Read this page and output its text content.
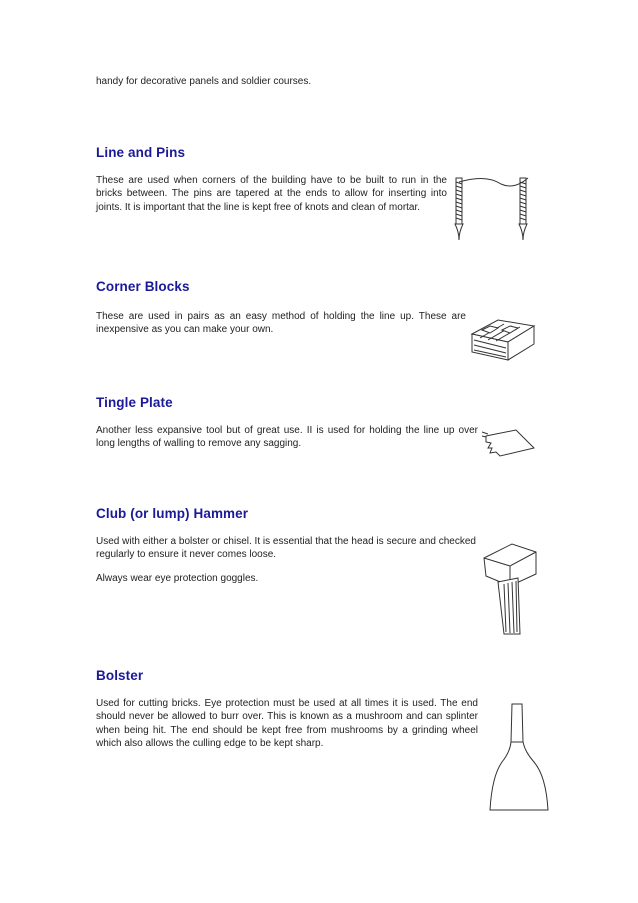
handy for decorative panels and soldier courses.

Line and Pins

These are used when corners of the building have to be built to run in the bricks between. The pins are tapered at the ends to allow for inserting into joints. It is important that the line is kept free of knots and clean of mortar.

Corner Blocks

These are used in pairs as an easy method of holding the line up. These are inexpensive as you can make your own.

Tingle Plate

Another less expansive tool but of great use. II is used for holding the line up over long lengths of walling to remove any sagging.

Club (or lump) Hammer

Used with either a bolster or chisel. It is essential that the head is secure and checked regularly to ensure it never comes loose.

Always wear eye protection goggles.

Bolster

Used for cutting bricks. Eye protection must be used at all times it is used. The end should never be allowed to burr over. This is known as a mushroom and can splinter when being hit. The end should be kept free from mushrooms by a grinding wheel which also allows the culling edge to be kept sharp.
